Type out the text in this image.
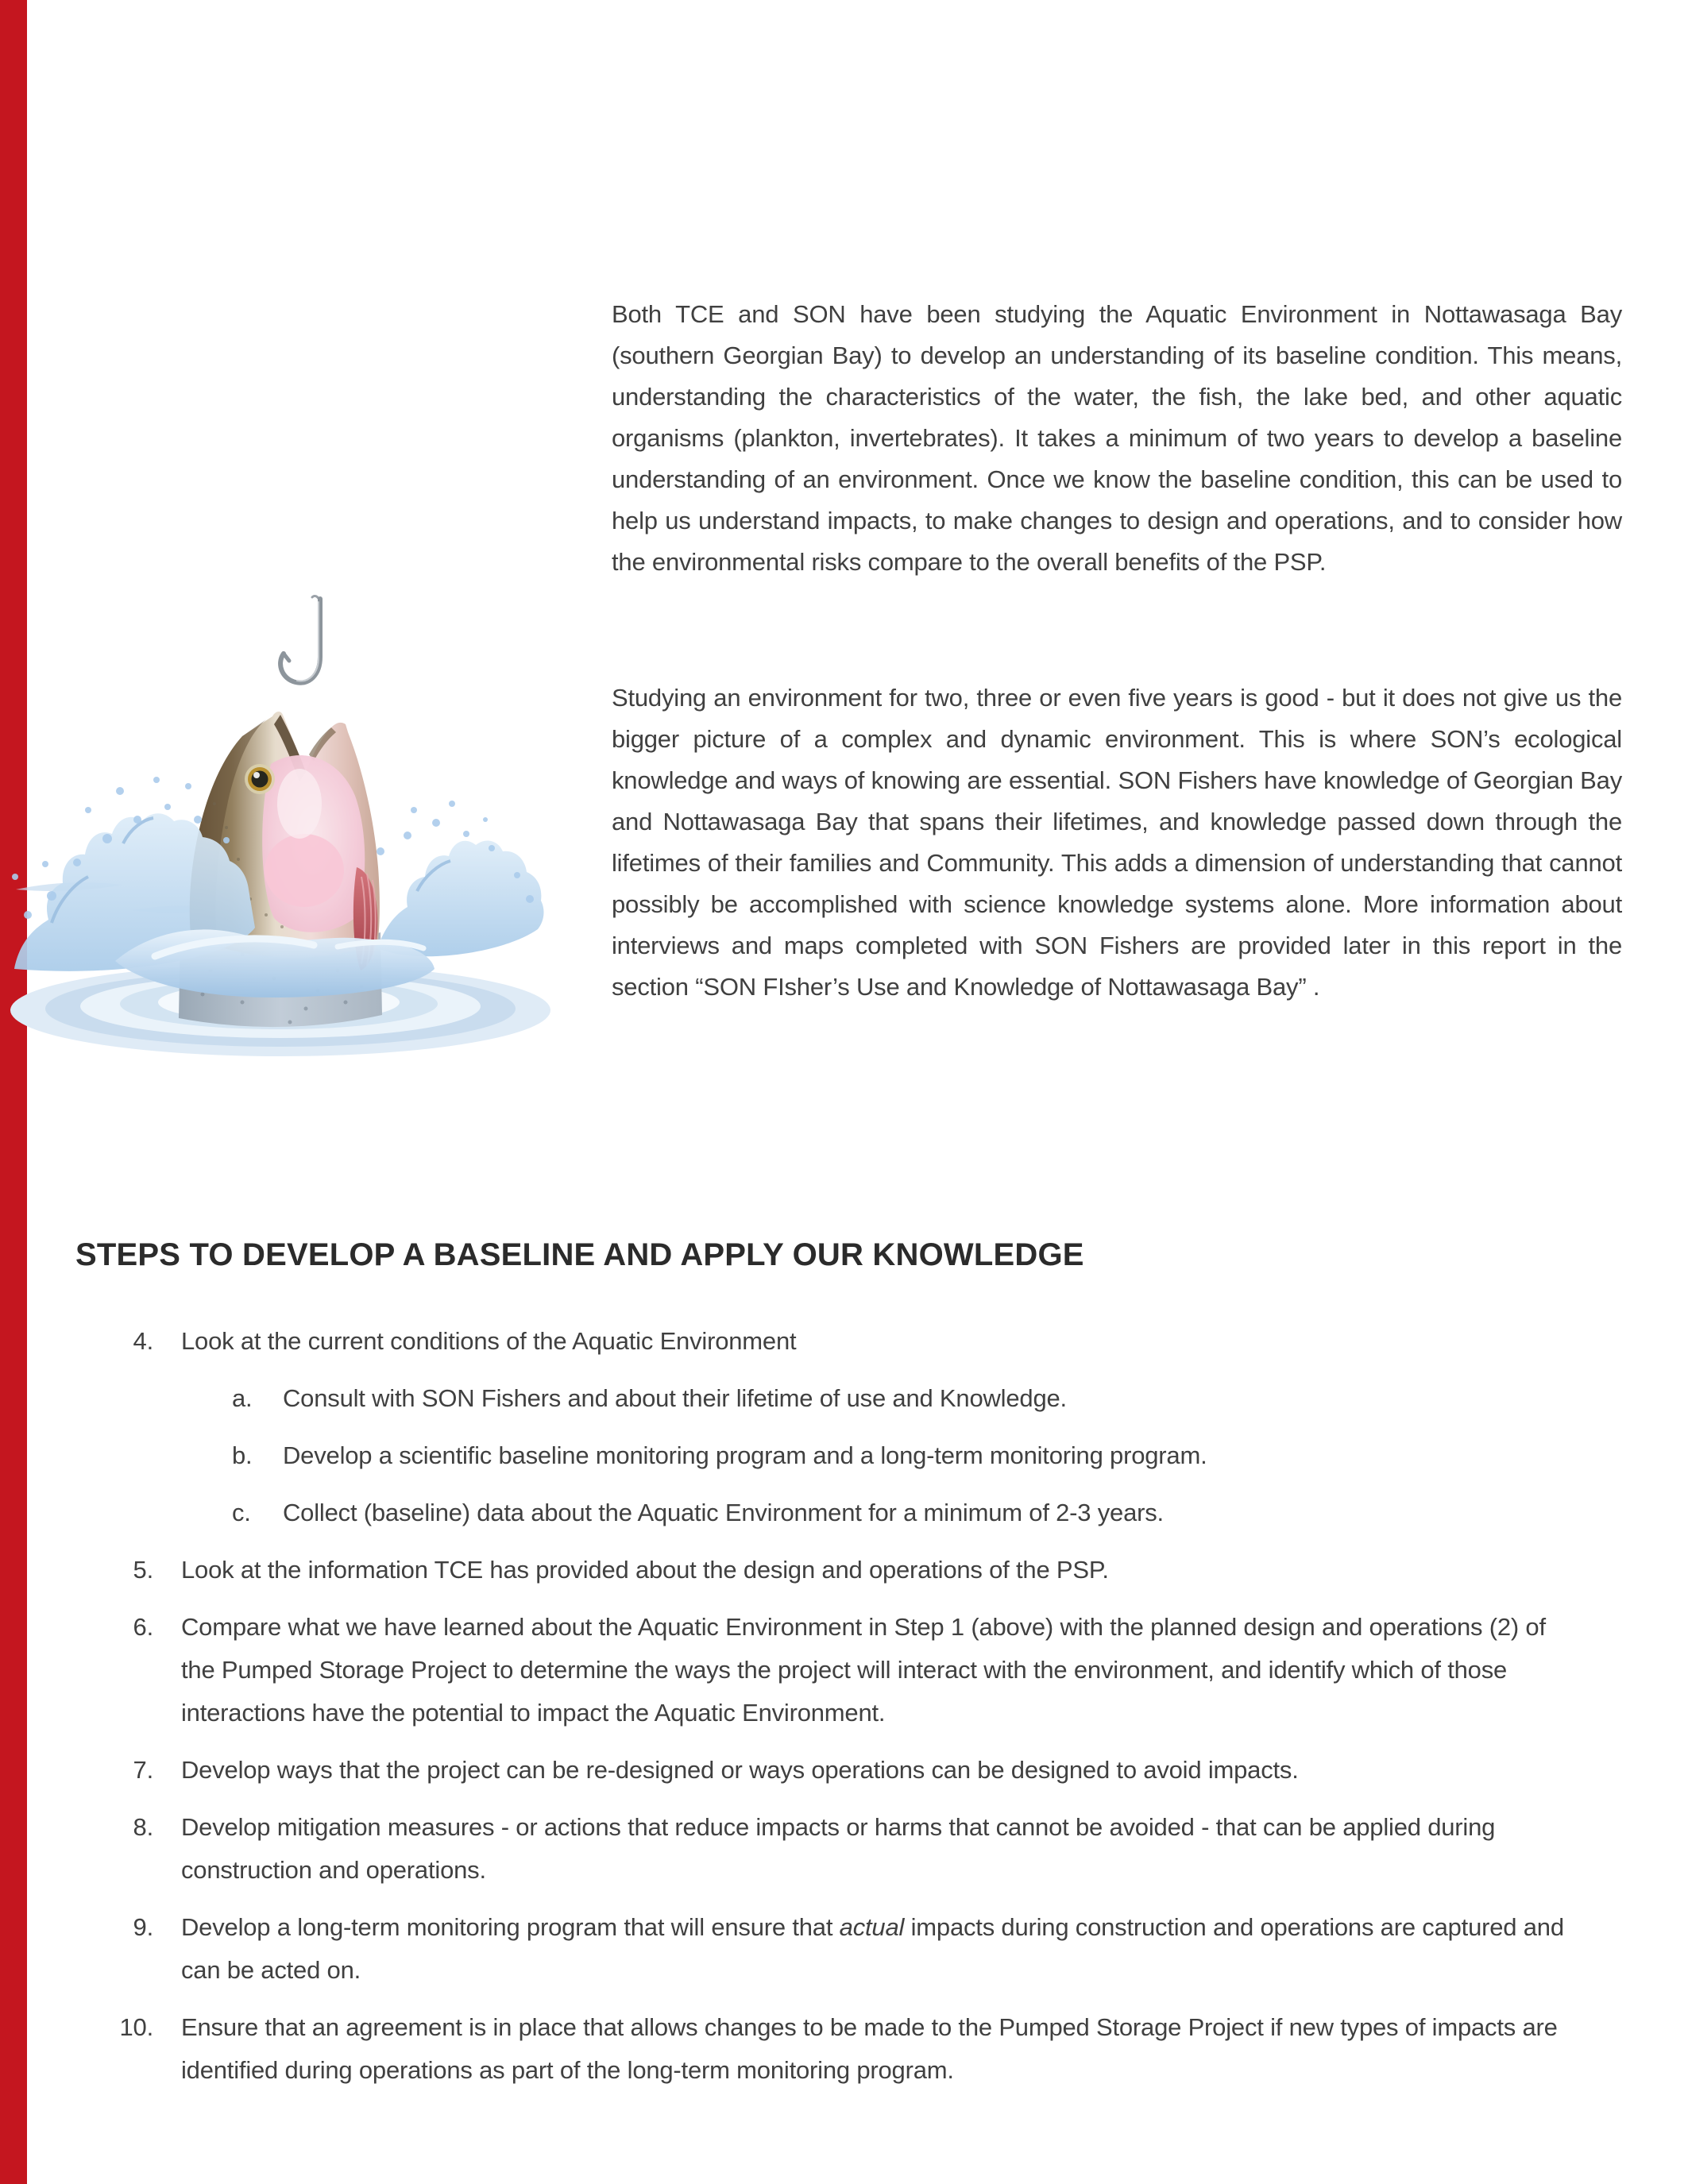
Both TCE and SON have been studying the Aquatic Environment in Nottawasaga Bay (southern Georgian Bay) to develop an understanding of its baseline condition. This means, understanding the characteristics of the water, the fish, the lake bed, and other aquatic organisms (plankton, invertebrates). It takes a minimum of two years to develop a baseline understanding of an environment. Once we know the baseline condition, this can be used to help us understand impacts, to make changes to design and operations, and to consider how the environmental risks compare to the overall benefits of the PSP.

Studying an environment for two, three or even five years is good - but it does not give us the bigger picture of a complex and dynamic environment. This is where SON’s ecological knowledge and ways of knowing are essential. SON Fishers have knowledge of Georgian Bay and Nottawasaga Bay that spans their lifetimes, and knowledge passed down through the lifetimes of their families and Community. This adds a dimension of understanding that cannot possibly be accomplished with science knowledge systems alone. More information about interviews and maps completed with SON Fishers are provided later in this report in the section “SON FIsher’s Use and Knowledge of Nottawasaga Bay” .

STEPS TO DEVELOP A BASELINE AND APPLY OUR KNOWLEDGE
4. Look at the current conditions of the Aquatic Environment
a. Consult with SON Fishers and about their lifetime of use and Knowledge.
b. Develop a scientific baseline monitoring program and a long-term monitoring program.
c. Collect (baseline) data about the Aquatic Environment for a minimum of 2-3 years.
5. Look at the information TCE has provided about the design and operations of the PSP.
6. Compare what we have learned about the Aquatic Environment in Step 1 (above) with the planned design and operations (2) of the Pumped Storage Project to determine the ways the project will interact with the environment, and identify which of those interactions have the potential to impact the Aquatic Environment.
7. Develop ways that the project can be re-designed or ways operations can be designed to avoid impacts.
8. Develop mitigation measures - or actions that reduce impacts or harms that cannot be avoided - that can be applied during construction and operations.
9. Develop a long-term monitoring program that will ensure that actual impacts during construction and operations are captured and can be acted on.
10. Ensure that an agreement is in place that allows changes to be made to the Pumped Storage Project if new types of impacts are identified during operations as part of the long-term monitoring program.
